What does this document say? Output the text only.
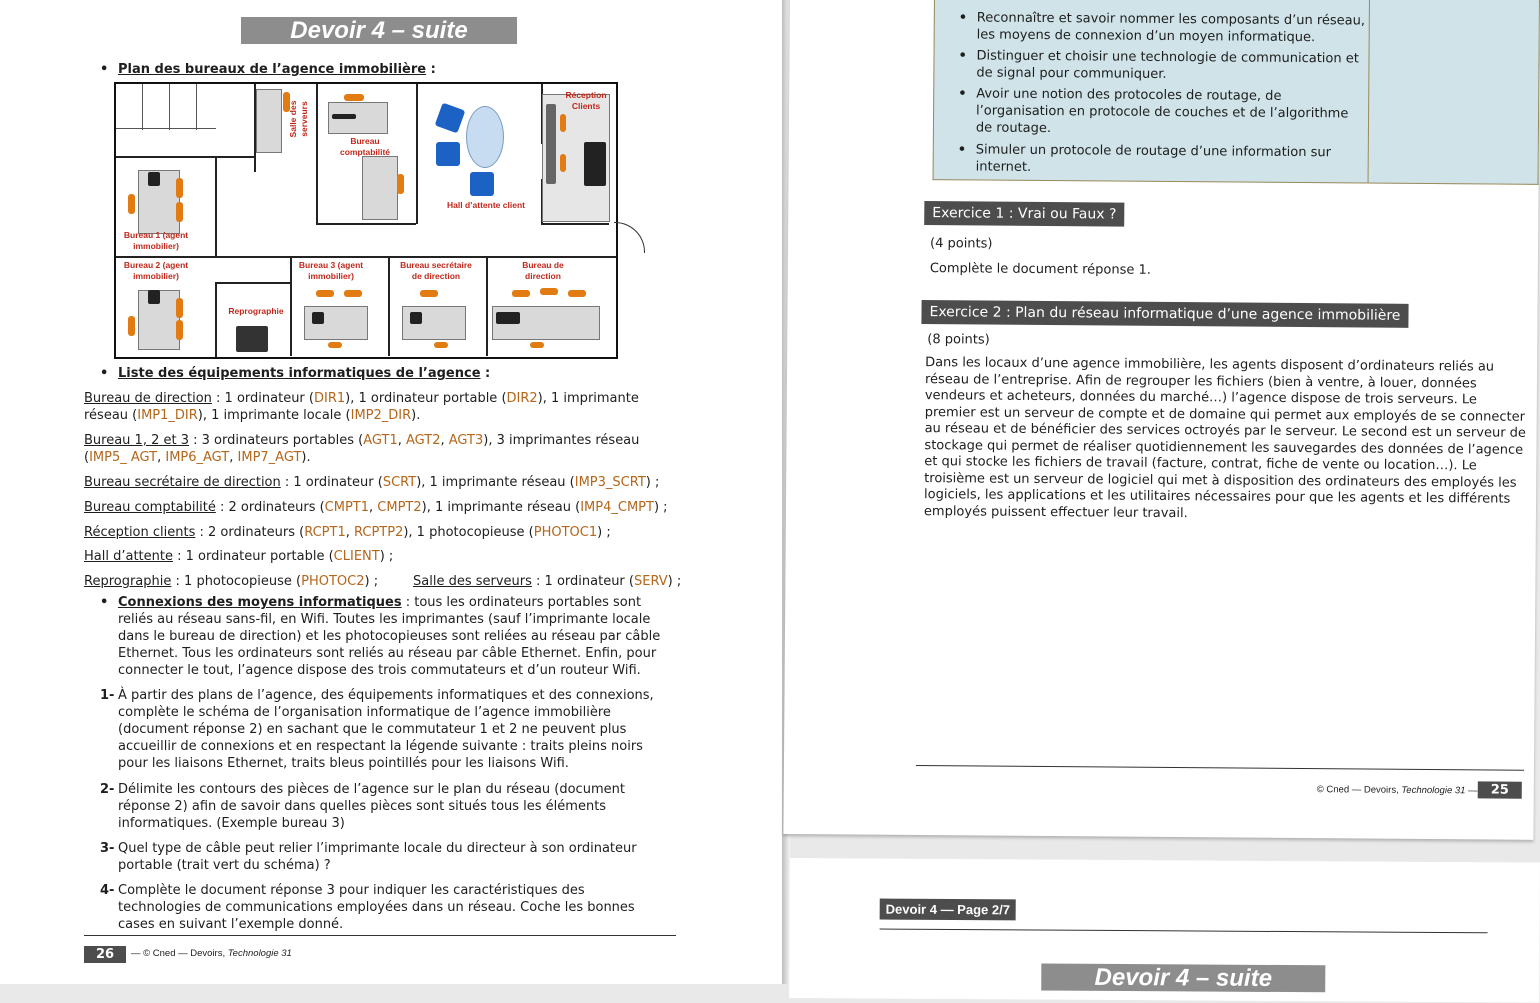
Devoir 4 – suite
• Plan des bureaux de l’agence immobilière :
Réception Clients
Salle des serveurs
Bureau comptabilité
Hall d’attente client
Bureau 1 (agent immobilier)
Bureau 2 (agent immobilier)
Reprographie
Bureau 3 (agent immobilier)
Bureau secrétaire de direction
Bureau de direction
• Liste des équipements informatiques de l’agence :
Bureau de direction : 1 ordinateur (DIR1), 1 ordinateur portable (DIR2), 1 imprimante réseau (IMP1_DIR), 1 imprimante locale (IMP2_DIR).
Bureau 1, 2 et 3 : 3 ordinateurs portables (AGT1, AGT2, AGT3), 3 imprimantes réseau (IMP5_ AGT, IMP6_AGT, IMP7_AGT).
Bureau secrétaire de direction : 1 ordinateur (SCRT), 1 imprimante réseau (IMP3_SCRT) ;
Bureau comptabilité : 2 ordinateurs (CMPT1, CMPT2), 1 imprimante réseau (IMP4_CMPT) ;
Réception clients : 2 ordinateurs (RCPT1, RCPTP2), 1 photocopieuse (PHOTOC1) ;
Hall d’attente : 1 ordinateur portable (CLIENT) ;
Reprographie : 1 photocopieuse (PHOTOC2) ;	Salle des serveurs : 1 ordinateur (SERV) ;
• Connexions des moyens informatiques : tous les ordinateurs portables sont reliés au réseau sans-fil, en Wifi. Toutes les imprimantes (sauf l’imprimante locale dans le bureau de direction) et les photocopieuses sont reliées au réseau par câble Ethernet. Tous les ordinateurs sont reliés au réseau par câble Ethernet. Enfin, pour connecter le tout, l’agence dispose des trois commutateurs et d’un routeur Wifi.
1- À partir des plans de l’agence, des équipements informatiques et des connexions, complète le schéma de l’organisation informatique de l’agence immobilière (document réponse 2) en sachant que le commutateur 1 et 2 ne peuvent plus accueillir de connexions et en respectant la légende suivante : traits pleins noirs pour les liaisons Ethernet, traits bleus pointillés pour les liaisons Wifi.
2- Délimite les contours des pièces de l’agence sur le plan du réseau (document réponse 2) afin de savoir dans quelles pièces sont situés tous les éléments informatiques. (Exemple bureau 3)
3- Quel type de câble peut relier l’imprimante locale du directeur à son ordinateur portable (trait vert du schéma) ?
4- Complète le document réponse 3 pour indiquer les caractéristiques des technologies de communications employées dans un réseau. Coche les bonnes cases en suivant l’exemple donné.
26	— © Cned — Devoirs, Technologie 31
• Reconnaître et savoir nommer les composants d’un réseau, les moyens de connexion d’un moyen informatique.
• Distinguer et choisir une technologie de communication et de signal pour communiquer.
• Avoir une notion des protocoles de routage, de l’organisation en protocole de couches et de l’algorithme de routage.
• Simuler un protocole de routage d’une information sur internet.
Exercice 1 : Vrai ou Faux ?
(4 points)
Complète le document réponse 1.
Exercice 2 : Plan du réseau informatique d’une agence immobilière
(8 points)
Dans les locaux d’une agence immobilière, les agents disposent d’ordinateurs reliés au réseau de l’entreprise. Afin de regrouper les fichiers (bien à ventre, à louer, données vendeurs et acheteurs, données du marché…) l’agence dispose de trois serveurs. Le premier est un serveur de compte et de domaine qui permet aux employés de se connecter au réseau et de bénéficier des services octroyés par le serveur. Le second est un serveur de stockage qui permet de réaliser quotidiennement les sauvegardes des données de l’agence et qui stocke les fichiers de travail (facture, contrat, fiche de vente ou location…). Le troisième est un serveur de logiciel qui met à disposition des ordinateurs des employés les logiciels, les applications et les utilitaires nécessaires pour que les agents et les différents employés puissent effectuer leur travail.
© Cned — Devoirs, Technologie 31 —	25
Devoir 4 — Page 2/7
Devoir 4 – suite
